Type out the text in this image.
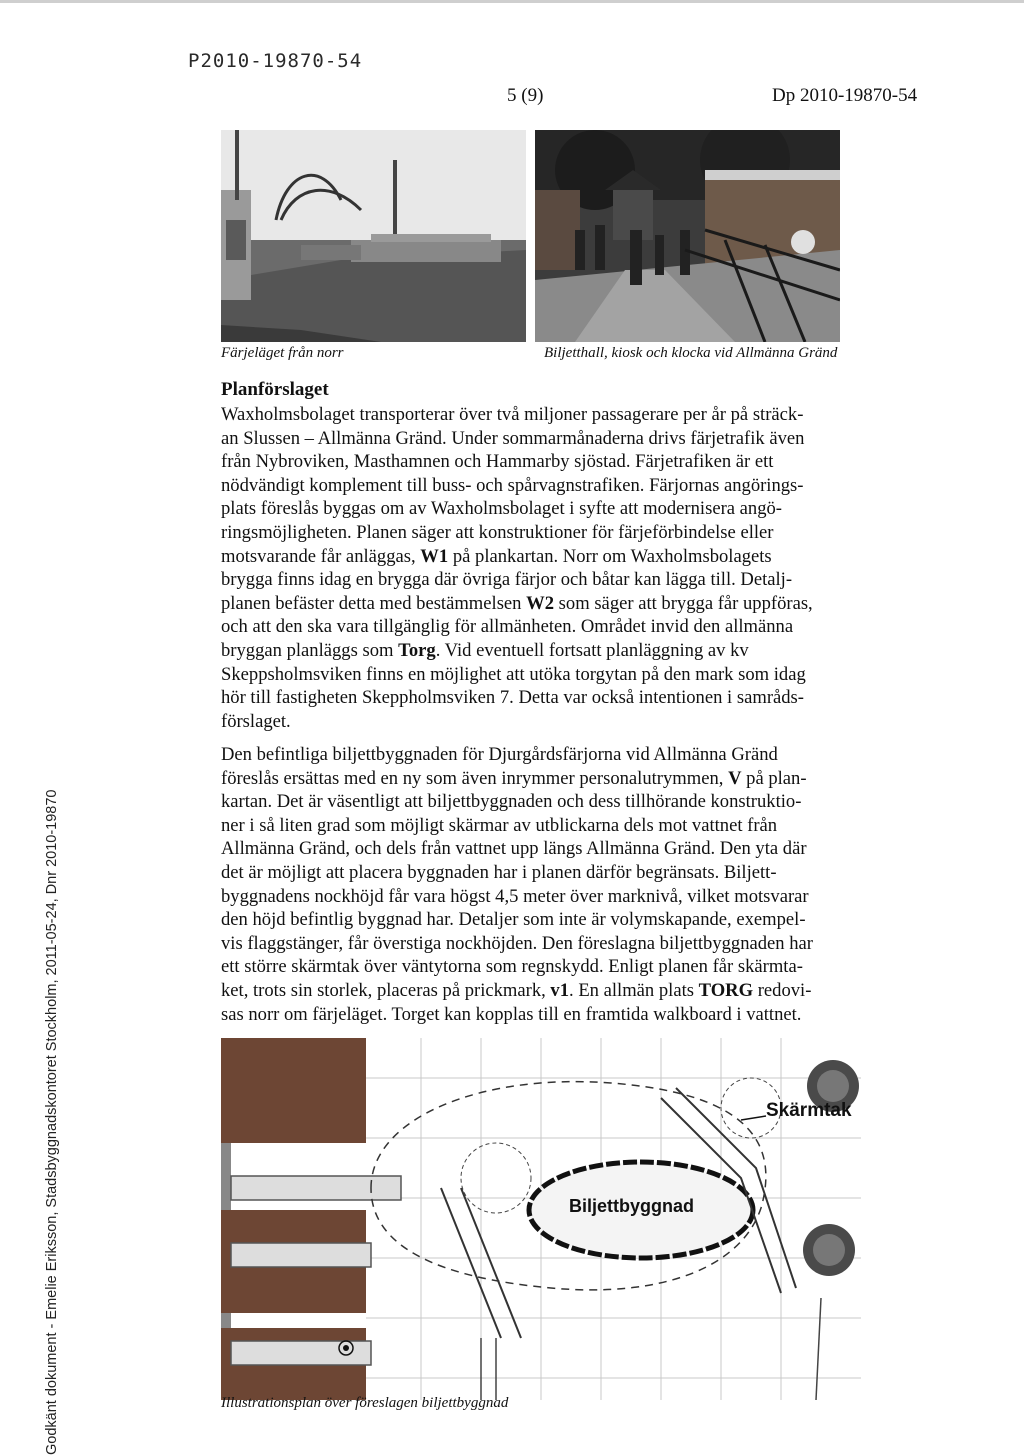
P2010-19870-54
5 (9)	Dp 2010-19870-54
Godkänt dokument - Emelie Eriksson, Stadsbyggnadskontoret Stockholm, 2011-05-24, Dnr 2010-19870
Färjeläget från norr	Biljetthall, kiosk och klocka vid Allmänna Gränd
Planförslaget
Waxholmsbolaget transporterar över två miljoner passagerare per år på sträck-
an Slussen – Allmänna Gränd. Under sommarmånaderna drivs färjetrafik även
från Nybroviken, Masthamnen och Hammarby sjöstad. Färjetrafiken är ett
nödvändigt komplement till buss- och spårvagnstrafiken. Färjornas angörings-
plats föreslås byggas om av Waxholmsbolaget i syfte att modernisera angö-
ringsmöjligheten. Planen säger att konstruktioner för färjeförbindelse eller
motsvarande får anläggas, W1 på plankartan. Norr om Waxholmsbolagets
brygga finns idag en brygga där övriga färjor och båtar kan lägga till. Detalj-
planen befäster detta med bestämmelsen W2 som säger att brygga får uppföras,
och att den ska vara tillgänglig för allmänheten. Området invid den allmänna
bryggan planläggs som Torg. Vid eventuell fortsatt planläggning av kv
Skeppsholmsviken finns en möjlighet att utöka torgytan på den mark som idag
hör till fastigheten Skeppholmsviken 7. Detta var också intentionen i samråds-
förslaget.
Den befintliga biljettbyggnaden för Djurgårdsfärjorna vid Allmänna Gränd
föreslås ersättas med en ny som även inrymmer personalutrymmen, V på plan-
kartan. Det är väsentligt att biljettbyggnaden och dess tillhörande konstruktio-
ner i så liten grad som möjligt skärmar av utblickarna dels mot vattnet från
Allmänna Gränd, och dels från vattnet upp längs Allmänna Gränd. Den yta där
det är möjligt att placera byggnaden har i planen därför begränsats. Biljett-
byggnadens nockhöjd får vara högst 4,5 meter över marknivå, vilket motsvarar
den höjd befintlig byggnad har. Detaljer som inte är volymskapande, exempel-
vis flaggstänger, får överstiga nockhöjden. Den föreslagna biljettbyggnaden har
ett större skärmtak över väntytorna som regnskydd. Enligt planen får skärmta-
ket, trots sin storlek, placeras på prickmark, v1. En allmän plats TORG redovi-
sas norr om färjeläget. Torget kan kopplas till en framtida walkboard i vattnet.
Skärmtak
Biljettbyggnad
Illustrationsplan över föreslagen biljettbyggnad
